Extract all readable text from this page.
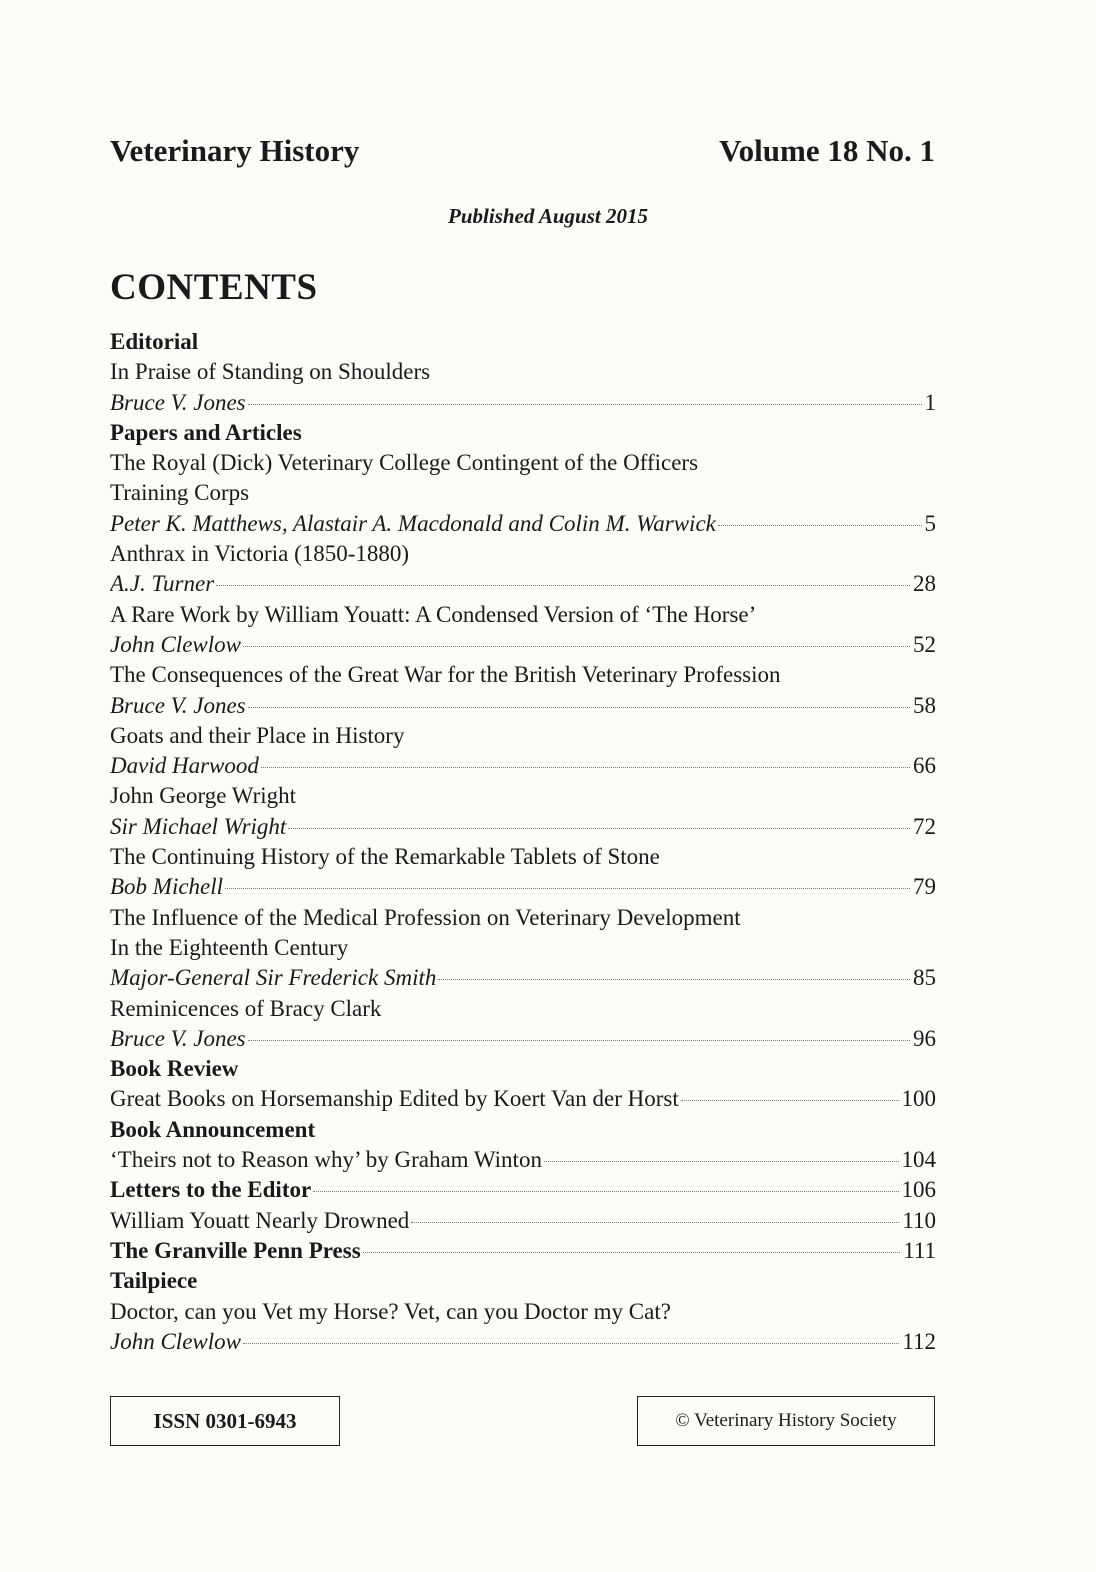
Veterinary History	Volume 18 No. 1
Published August 2015
CONTENTS
Editorial
In Praise of Standing on Shoulders
Bruce V. Jones	1
Papers and Articles
The Royal (Dick) Veterinary College Contingent of the Officers
Training Corps
Peter K. Matthews, Alastair A. Macdonald and Colin M. Warwick	5
Anthrax in Victoria (1850-1880)
A.J. Turner	28
A Rare Work by William Youatt: A Condensed Version of ‘The Horse’
John Clewlow	52
The Consequences of the Great War for the British Veterinary Profession
Bruce V. Jones	58
Goats and their Place in History
David Harwood	66
John George Wright
Sir Michael Wright	72
The Continuing History of the Remarkable Tablets of Stone
Bob Michell	79
The Influence of the Medical Profession on Veterinary Development
In the Eighteenth Century
Major-General Sir Frederick Smith	85
Reminicences of Bracy Clark
Bruce V. Jones	96
Book Review
Great Books on Horsemanship Edited by Koert Van der Horst	100
Book Announcement
‘Theirs not to Reason why’ by Graham Winton	104
Letters to the Editor	106
William Youatt Nearly Drowned	110
The Granville Penn Press	111
Tailpiece
Doctor, can you Vet my Horse? Vet, can you Doctor my Cat?
John Clewlow	112
ISSN 0301-6943	© Veterinary History Society
